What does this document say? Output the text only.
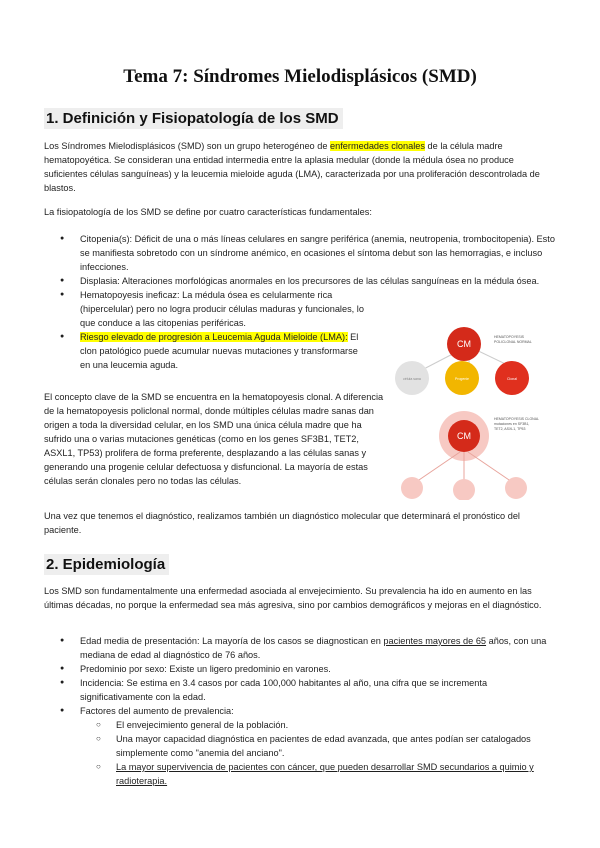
Tema 7: Síndromes Mielodisplásicos (SMD)
1. Definición y Fisiopatología de los SMD

Los Síndromes Mielodisplásicos (SMD) son un grupo heterogéneo de enfermedades clonales de la célula madre hematopoyética. Se consideran una entidad intermedia entre la aplasia medular (donde la médula ósea no produce suficientes células sanguíneas) y la leucemia mieloide aguda (LMA), caracterizada por una proliferación descontrolada de blastos.

La fisiopatología de los SMD se define por cuatro características fundamentales:

● Citopenia(s): Déficit de una o más líneas celulares en sangre periférica (anemia, neutropenia, trombocitopenia). Esto se manifiesta sobretodo con un síndrome anémico, en ocasiones el síntoma debut son las hemorragias, e incluso infecciones.
● Displasia: Alteraciones morfológicas anormales en los precursores de las células sanguíneas en la médula ósea.
● Hematopoyesis ineficaz: La médula ósea es celularmente rica (hipercelular) pero no logra producir células maduras y funcionales, lo que conduce a las citopenias periféricas.
● Riesgo elevado de progresión a Leucemia Aguda Mieloide (LMA): El clon patológico puede acumular nuevas mutaciones y transformarse en una leucemia aguda.

El concepto clave de la SMD se encuentra en la hematopoyesis clonal. A diferencia de la hematopoyesis policlonal normal, donde múltiples células madre sanas dan origen a toda la diversidad celular, en los SMD una única célula madre que ha sufrido una o varias mutaciones genéticas (como en los genes SF3B1, TET2, ASXL1, TP53) prolifera de forma preferente, desplazando a las células sanas y generando una progenie celular defectuosa y disfuncional. La mayoría de estas células serán clonales pero no todas las células.

CM
célula sana	Progenie	Clonal
HEMATOPOYESIS
POLICLONAL NORMAL
CM
HEMATOPOYESIS CLONAL
mutaciones en SF3B1,
TET2, ASXL1, TP53

Una vez que tenemos el diagnóstico, realizamos también un diagnóstico molecular que determinará el pronóstico del paciente.

2. Epidemiología

Los SMD son fundamentalmente una enfermedad asociada al envejecimiento. Su prevalencia ha ido en aumento en las últimas décadas, no porque la enfermedad sea más agresiva, sino por cambios demográficos y mejoras en el diagnóstico.

● Edad media de presentación: La mayoría de los casos se diagnostican en pacientes mayores de 65 años, con una mediana de edad al diagnóstico de 76 años.
● Predominio por sexo: Existe un ligero predominio en varones.
● Incidencia: Se estima en 3.4 casos por cada 100,000 habitantes al año, una cifra que se incrementa significativamente con la edad.
● Factores del aumento de prevalencia:
○ El envejecimiento general de la población.
○ Una mayor capacidad diagnóstica en pacientes de edad avanzada, que antes podían ser catalogados simplemente como "anemia del anciano".
○ La mayor supervivencia de pacientes con cáncer, que pueden desarrollar SMD secundarios a quimio y radioterapia.
